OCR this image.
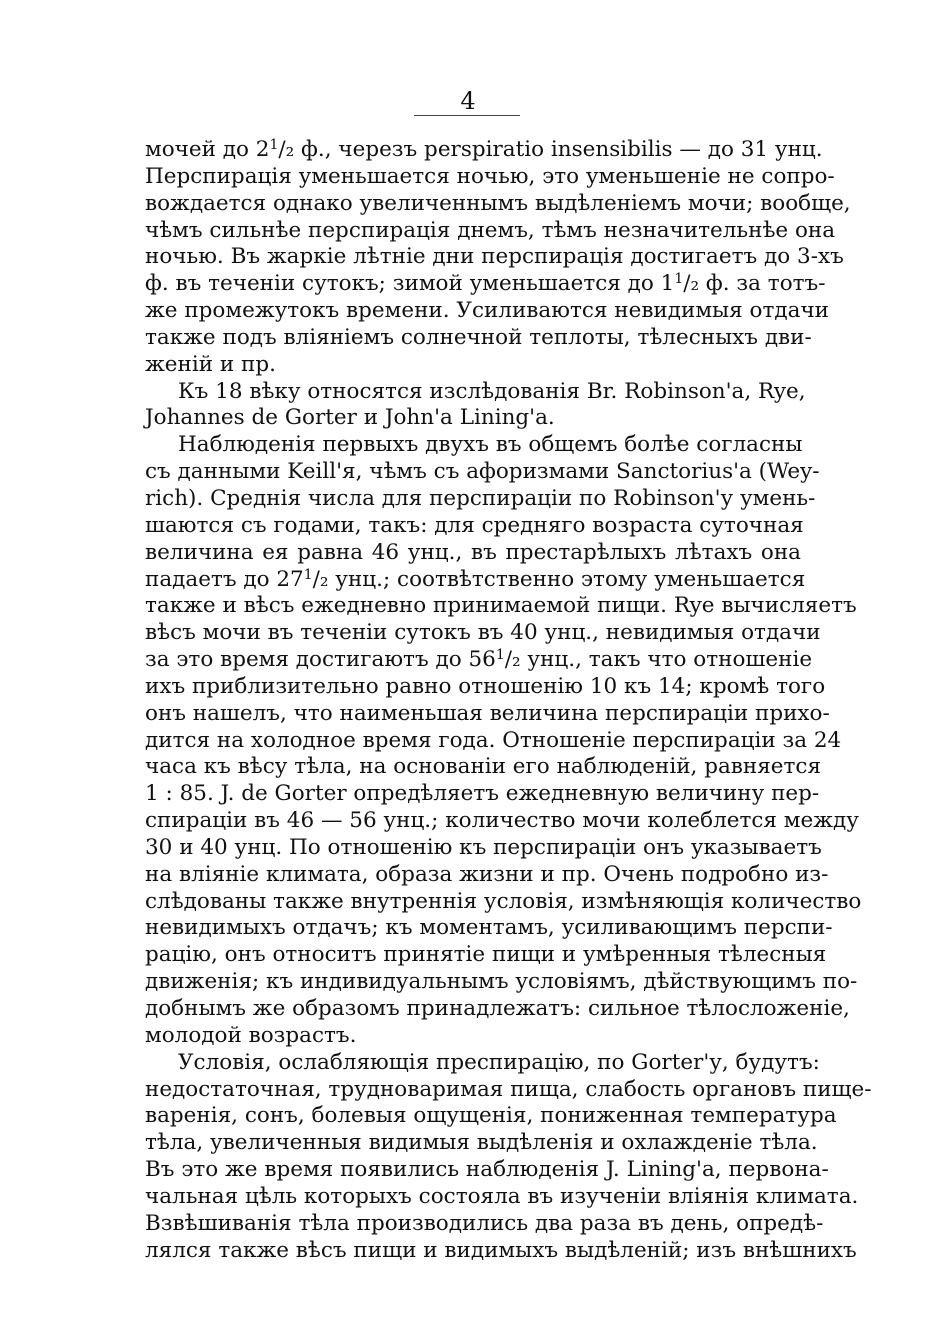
4
мочей до $2^1/_2$ ф., черезъ perspiratio insensibilis — до 31 унц.
Перспирація уменьшается ночью, это уменьшеніе не сопро-
вождается однако увеличеннымъ выдѣленіемъ мочи; вообще,
чѣмъ сильнѣе перспирація днемъ, тѣмъ незначительнѣе она
ночью. Въ жаркіе лѣтніе дни перспирація достигаетъ до 3-хъ
ф. въ теченіи сутокъ; зимой уменьшается до $1^1/_2$ ф. за тотъ-
же промежутокъ времени. Усиливаются невидимыя отдачи
также подъ вліяніемъ солнечной теплоты, тѣлесныхъ дви-
женій и пр.
Къ 18 вѣку относятся изслѣдованія Br. Robinson'a, Rye,
Johannes de Gorter и John'a Lining'a.
Наблюденія первыхъ двухъ въ общемъ болѣе согласны
съ данными Keill'я, чѣмъ съ афоризмами Sanctorius'a (Wey-
rich). Среднія числа для перспираціи по Robinson'у умень-
шаются съ годами, такъ: для средняго возраста суточная
величина ея равна 46 унц., въ престарѣлыхъ лѣтахъ она
падаетъ до $27^1/_2$ унц.; соотвѣтственно этому уменьшается
также и вѣсъ ежедневно принимаемой пищи. Rye вычисляетъ
вѣсъ мочи въ теченіи сутокъ въ 40 унц., невидимыя отдачи
за это время достигаютъ до $56^1/_2$ унц., такъ что отношеніе
ихъ приблизительно равно отношенію 10 къ 14; кромѣ того
онъ нашелъ, что наименьшая величина перспираціи прихо-
дится на холодное время года. Отношеніе перспираціи за 24
часа къ вѣсу тѣла, на основаніи его наблюденій, равняется
1 : 85. J. de Gorter опредѣляетъ ежедневную величину пер-
спираціи въ 46 — 56 унц.; количество мочи колеблется между
30 и 40 унц. По отношенію къ перспираціи онъ указываетъ
на вліяніе климата, образа жизни и пр. Очень подробно из-
слѣдованы также внутреннія условія, измѣняющія количество
невидимыхъ отдачъ; къ моментамъ, усиливающимъ перспи-
рацію, онъ относитъ принятіе пищи и умѣренныя тѣлесныя
движенія; къ индивидуальнымъ условіямъ, дѣйствующимъ по-
добнымъ же образомъ принадлежатъ: сильное тѣлосложеніе,
молодой возрастъ.
Условія, ослабляющія преспирацію, по Gorter'у, будутъ:
недостаточная, трудноваримая пища, слабость органовъ пище-
варенія, сонъ, болевыя ощущенія, пониженная температура
тѣла, увеличенныя видимыя выдѣленія и охлажденіе тѣла.
Въ это же время появились наблюденія J. Lining'a, первона-
чальная цѣль которыхъ состояла въ изученіи вліянія климата.
Взвѣшиванія тѣла производились два раза въ день, опредѣ-
лялся также вѣсъ пищи и видимыхъ выдѣленій; изъ внѣшнихъ
